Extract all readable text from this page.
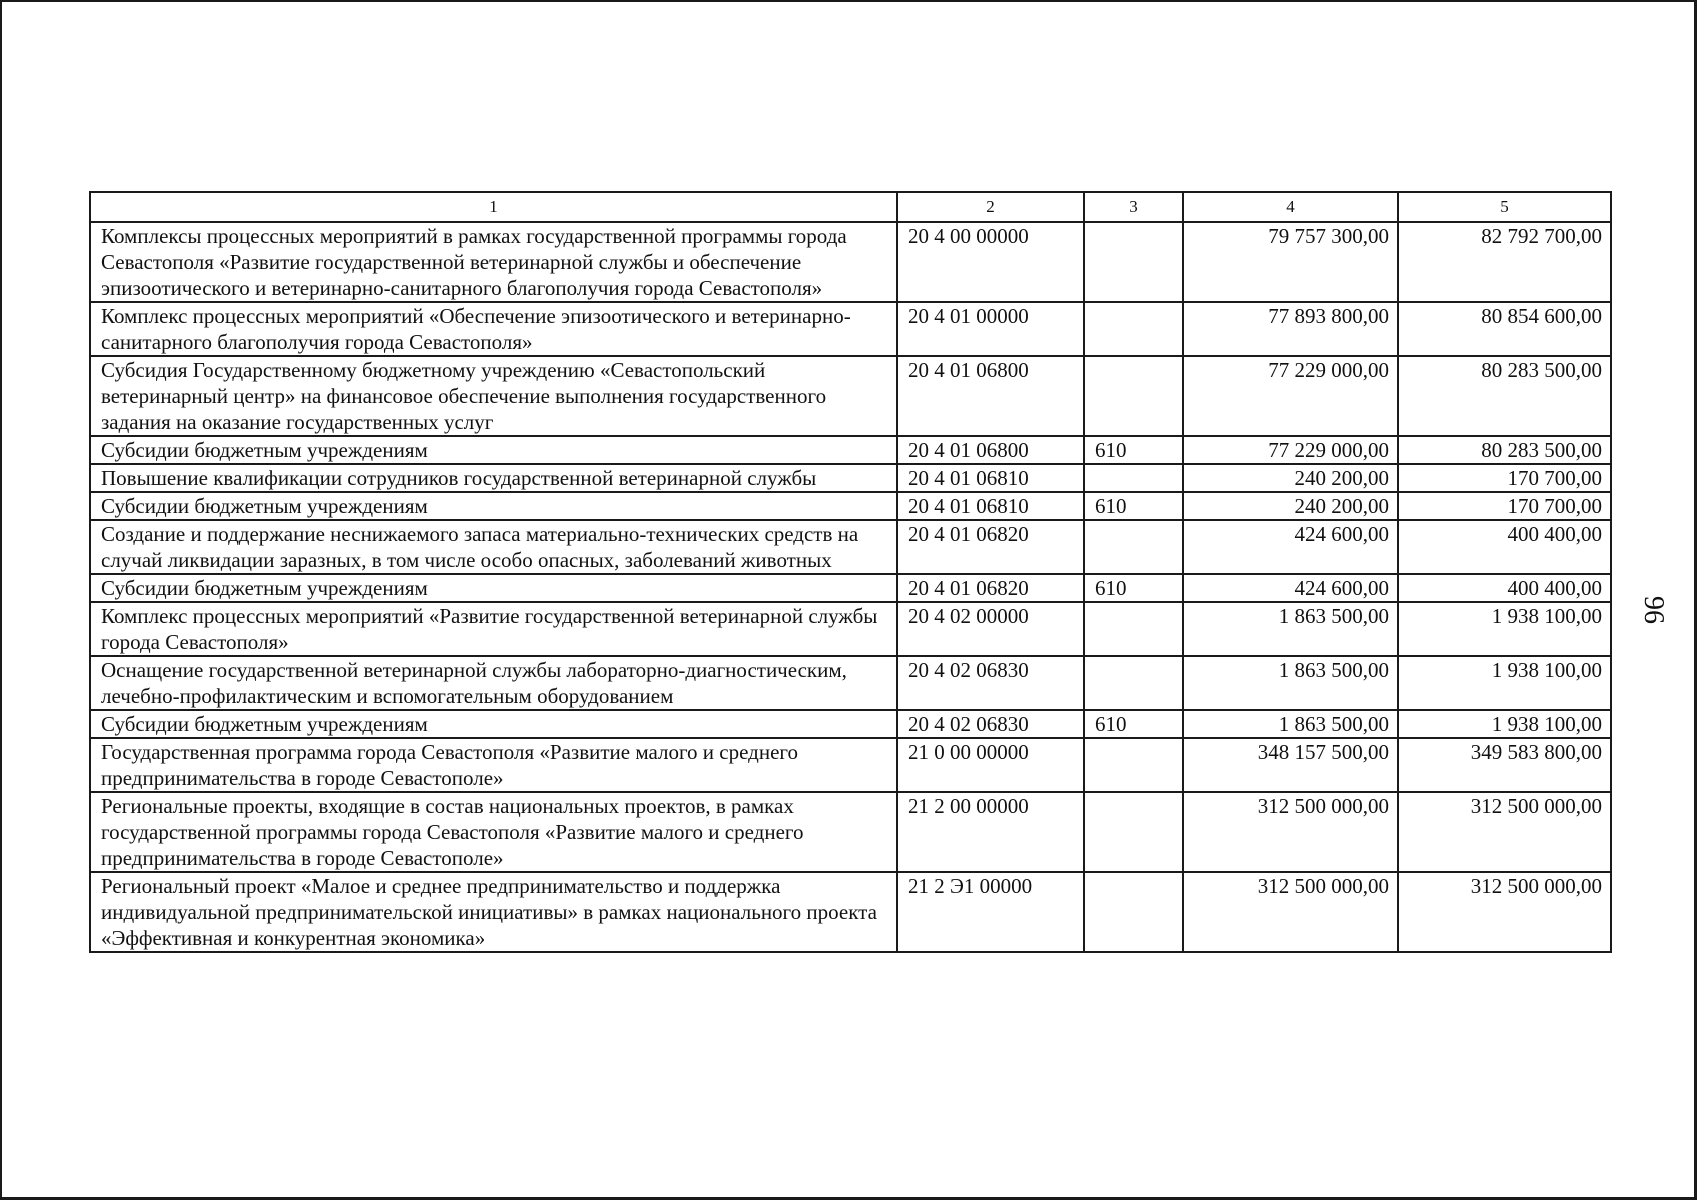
1	2	3	4	5
Комплексы процессных мероприятий в рамках государственной программы города Севастополя «Развитие государственной ветеринарной службы и обеспечение эпизоотического и ветеринарно-санитарного благополучия города Севастополя»	20 4 00 00000		79 757 300,00	82 792 700,00
Комплекс процессных мероприятий «Обеспечение эпизоотического и ветеринарно-санитарного благополучия города Севастополя»	20 4 01 00000		77 893 800,00	80 854 600,00
Субсидия Государственному бюджетному учреждению «Севастопольский ветеринарный центр» на финансовое обеспечение выполнения государственного задания на оказание государственных услуг	20 4 01 06800		77 229 000,00	80 283 500,00
Субсидии бюджетным учреждениям	20 4 01 06800	610	77 229 000,00	80 283 500,00
Повышение квалификации сотрудников государственной ветеринарной службы	20 4 01 06810		240 200,00	170 700,00
Субсидии бюджетным учреждениям	20 4 01 06810	610	240 200,00	170 700,00
Создание и поддержание неснижаемого запаса материально-технических средств на случай ликвидации заразных, в том числе особо опасных, заболеваний животных	20 4 01 06820		424 600,00	400 400,00
Субсидии бюджетным учреждениям	20 4 01 06820	610	424 600,00	400 400,00
Комплекс процессных мероприятий «Развитие государственной ветеринарной службы города Севастополя»	20 4 02 00000		1 863 500,00	1 938 100,00
Оснащение государственной ветеринарной службы лабораторно-диагностическим, лечебно-профилактическим и вспомогательным оборудованием	20 4 02 06830		1 863 500,00	1 938 100,00
Субсидии бюджетным учреждениям	20 4 02 06830	610	1 863 500,00	1 938 100,00
Государственная программа города Севастополя «Развитие малого и среднего предпринимательства в городе Севастополе»	21 0 00 00000		348 157 500,00	349 583 800,00
Региональные проекты, входящие в состав национальных проектов, в рамках государственной программы города Севастополя «Развитие малого и среднего предпринимательства в городе Севастополе»	21 2 00 00000		312 500 000,00	312 500 000,00
Региональный проект «Малое и среднее предпринимательство и поддержка индивидуальной предпринимательской инициативы» в рамках национального проекта «Эффективная и конкурентная экономика»	21 2 Э1 00000		312 500 000,00	312 500 000,00
96
